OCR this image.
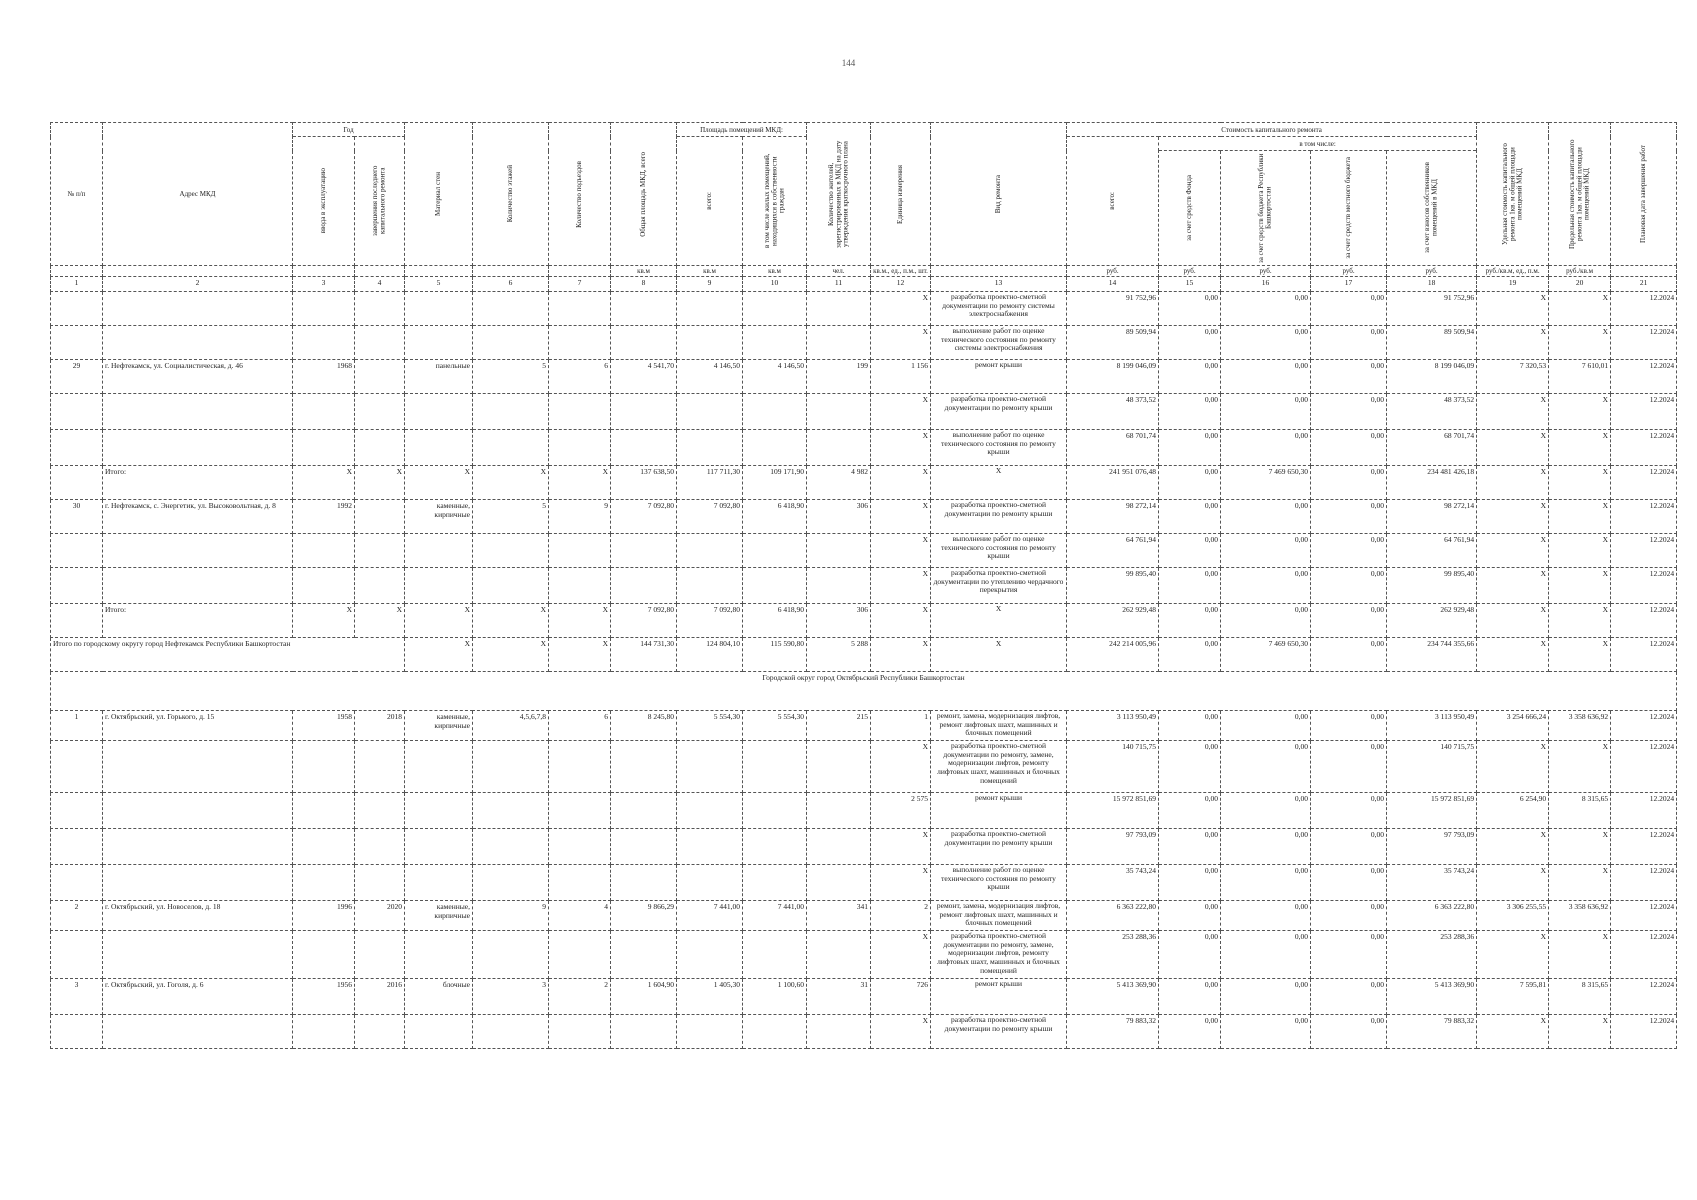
144
№ п/п	Адрес МКД	Год		Материал стен	Количество этажей	Количество подъездов	Общая площадь МКД, всего	Площадь помещений МКД:		Количество жителей, зарегистрированных в МКД на дату утверждения краткосрочного плана	Единица измерения	Вид ремонта	Стоимость капитального ремонта					Удельная стоимость капитального ремонта 1кв. м общей площади помещений МКД	Предельная стоимость капитального ремонта 1кв. м общей площади помещений МКД	Плановая дата завершения работ

		ввода в эксплуатацию	завершения последнего капитального ремонта					всего:	в том числе жилых помещений, находящихся в собственности граждан				всего:	в том числе:						

														за счет средств Фонда	за счет средств бюджета Республики Башкортостан	за счет средств местного бюджета	за счет взносов собственников помещений в МКД			

							кв.м	кв.м	кв.м	чел.	кв.м., ед., п.м., шт.		руб.	руб.	руб.	руб.	руб.	руб./кв.м, ед., п.м.	руб./кв.м	
1	2	3	4	5	6	7	8	9	10	11	12	13	14	15	16	17	18	19	20	21
											X	разработка проектно-сметной документации по ремонту системы электроснабжения	91 752,96	0,00	0,00	0,00	91 752,96	X	X	12.2024
											X	выполнение работ по оценке технического состояния по ремонту системы электроснабжения	89 509,94	0,00	0,00	0,00	89 509,94	X	X	12.2024
29	г. Нефтекамск, ул. Социалистическая, д. 46	1968		панельные	5	6	4 541,70	4 146,50	4 146,50	199	1 156	ремонт крыши	8 199 046,09	0,00	0,00	0,00	8 199 046,09	7 320,53	7 610,01	12.2024
											X	разработка проектно-сметной документации по ремонту крыши	48 373,52	0,00	0,00	0,00	48 373,52	X	X	12.2024
											X	выполнение работ по оценке технического состояния по ремонту крыши	68 701,74	0,00	0,00	0,00	68 701,74	X	X	12.2024
	Итого:	X	X	X	X	X	137 638,50	117 711,30	109 171,90	4 982	X	X	241 951 076,48	0,00	7 469 650,30	0,00	234 481 426,18	X	X	12.2024
30	г. Нефтекамск, с. Энергетик, ул. Высоковольтная, д. 8	1992		каменные, кирпичные	5	9	7 092,80	7 092,80	6 418,90	306	X	разработка проектно-сметной документации по ремонту крыши	98 272,14	0,00	0,00	0,00	98 272,14	X	X	12.2024
											X	выполнение работ по оценке технического состояния по ремонту крыши	64 761,94	0,00	0,00	0,00	64 761,94	X	X	12.2024
											X	разработка проектно-сметной документации по утеплению чердачного перекрытия	99 895,40	0,00	0,00	0,00	99 895,40	X	X	12.2024
	Итого:	X	X	X	X	X	7 092,80	7 092,80	6 418,90	306	X	X	262 929,48	0,00	0,00	0,00	262 929,48	X	X	12.2024
Итого по городскому округу город Нефтекамск Республики Башкортостан				X	X	X	144 731,30	124 804,10	115 590,80	5 288	X	X	242 214 005,96	0,00	7 469 650,30	0,00	234 744 355,66	X	X	12.2024
Городской округ город Октябрьский Республики Башкортостан																				
1	г. Октябрьский, ул. Горького, д. 15	1958	2018	каменные, кирпичные	4,5,6,7,8	6	8 245,80	5 554,30	5 554,30	215	1	ремонт, замена, модернизация лифтов, ремонт лифтовых шахт, машинных и блочных помещений	3 113 950,49	0,00	0,00	0,00	3 113 950,49	3 254 666,24	3 358 636,92	12.2024
											X	разработка проектно-сметной документации по ремонту, замене, модернизации лифтов, ремонту лифтовых шахт, машинных и блочных помещений	140 715,75	0,00	0,00	0,00	140 715,75	X	X	12.2024
											2 575	ремонт крыши	15 972 851,69	0,00	0,00	0,00	15 972 851,69	6 254,90	8 315,65	12.2024
											X	разработка проектно-сметной документации по ремонту крыши	97 793,09	0,00	0,00	0,00	97 793,09	X	X	12.2024
											X	выполнение работ по оценке технического состояния по ремонту крыши	35 743,24	0,00	0,00	0,00	35 743,24	X	X	12.2024
2	г. Октябрьский, ул. Новоселов, д. 18	1996	2020	каменные, кирпичные	9	4	9 866,29	7 441,00	7 441,00	341	2	ремонт, замена, модернизация лифтов, ремонт лифтовых шахт, машинных и блочных помещений	6 363 222,80	0,00	0,00	0,00	6 363 222,80	3 306 255,55	3 358 636,92	12.2024
											X	разработка проектно-сметной документации по ремонту, замене, модернизации лифтов, ремонту лифтовых шахт, машинных и блочных помещений	253 288,36	0,00	0,00	0,00	253 288,36	X	X	12.2024
3	г. Октябрьский, ул. Гоголя, д. 6	1956	2016	блочные	3	2	1 604,90	1 405,30	1 100,60	31	726	ремонт крыши	5 413 369,90	0,00	0,00	0,00	5 413 369,90	7 595,81	8 315,65	12.2024
											X	разработка проектно-сметной документации по ремонту крыши	79 883,32	0,00	0,00	0,00	79 883,32	X	X	12.2024
